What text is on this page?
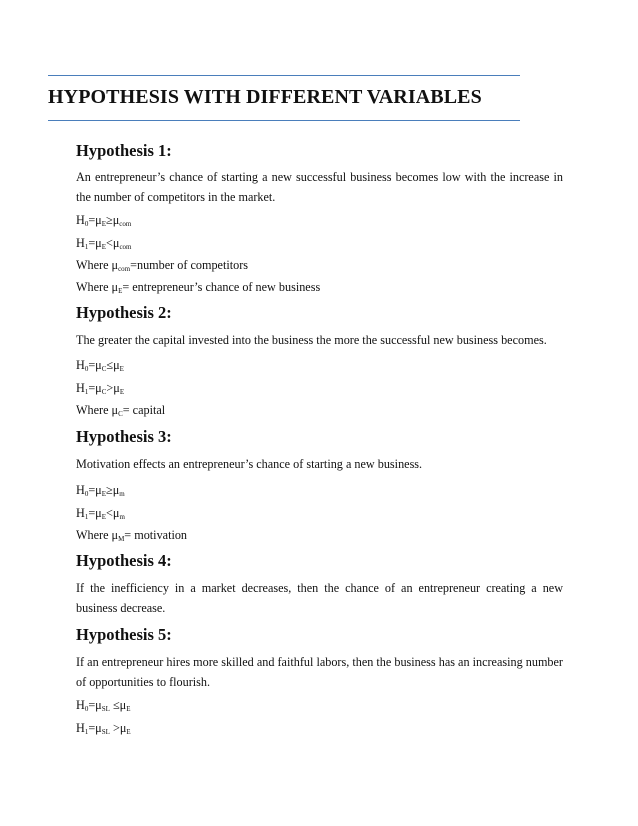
HYPOTHESIS WITH DIFFERENT VARIABLES
Hypothesis 1:

An entrepreneur’s chance of starting a new successful business becomes low with the increase in the number of competitors in the market.

$H_0=\mu_E\ge\mu_{com}$

$H_1=\mu_E<\mu_{com}$

Where $\mu_{com}=number$ of competitors

Where $\mu_E=$ entrepreneur’s chance of new business

Hypothesis 2:

The greater the capital invested into the business the more the successful new business becomes.

$H_0=\mu_C\le\mu_E$

$H_1=\mu_C>\mu_E$

Where $\mu_C=$ capital

Hypothesis 3:

Motivation effects an entrepreneur’s chance of starting a new business.

$H_0=\mu_E\ge\mu_m$

$H_1=\mu_E<\mu_m$

Where $\mu_M=$ motivation

Hypothesis 4:

If the inefficiency in a market decreases, then the chance of an entrepreneur creating a new business decrease.

Hypothesis 5:

If an entrepreneur hires more skilled and faithful labors, then the business has an increasing number of opportunities to flourish.

$H_0=\mu_{SL} \le\mu_E$

$H_1=\mu_{SL} >\mu_E$
